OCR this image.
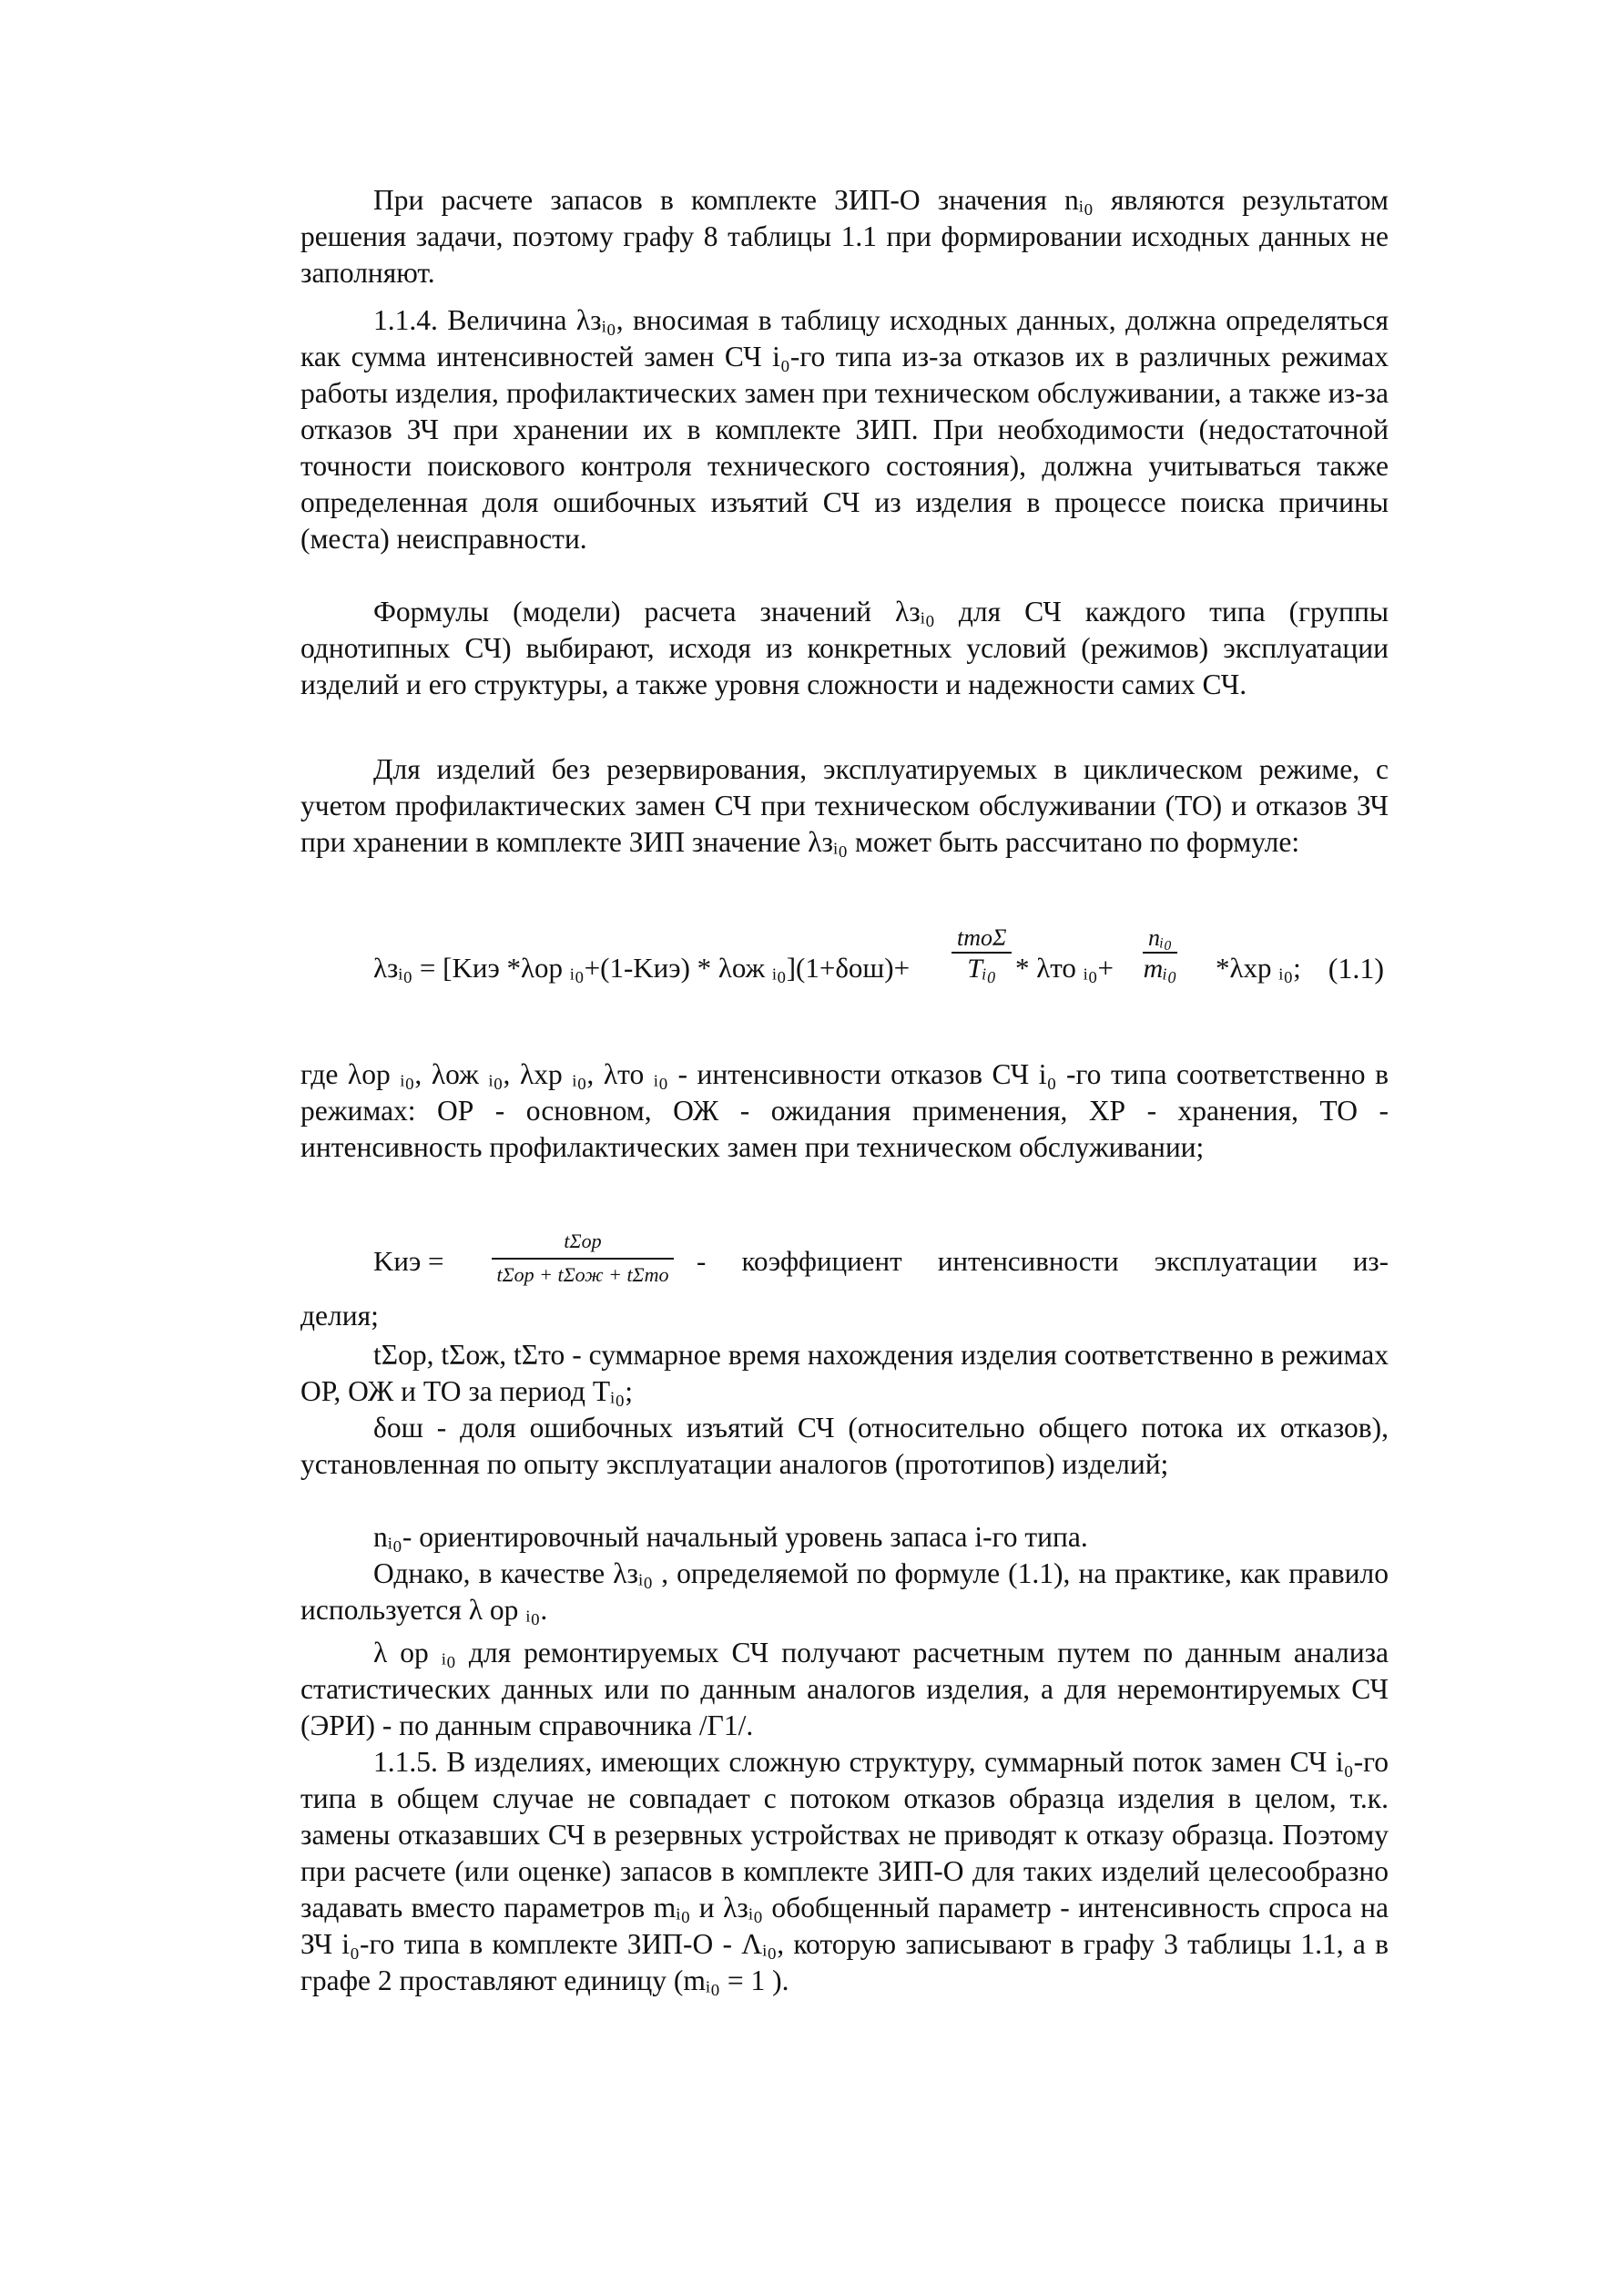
При расчете запасов в комплекте ЗИП-О значения nᵢ₀ являются результатом решения задачи, поэтому графу 8 таблицы 1.1 при формировании исходных данных не заполняют.

1.1.4. Величина λзᵢ₀, вносимая в таблицу исходных данных, должна определяться как сумма интенсивностей замен СЧ i₀-го типа из-за отказов их в различных режимах работы изделия, профилактических замен при техническом обслуживании, а также из-за отказов ЗЧ при хранении их в комплекте ЗИП. При необходимости (недостаточной точности поискового контроля технического состояния), должна учитываться также определенная доля ошибочных изъятий СЧ из изделия в процессе поиска причины (места) неисправности.

Формулы (модели) расчета значений λзᵢ₀ для СЧ каждого типа (группы однотипных СЧ) выбирают, исходя из конкретных условий (режимов) эксплуатации изделий и его структуры, а также уровня сложности и надежности самих СЧ.

Для изделий без резервирования, эксплуатируемых в циклическом режиме, с учетом профилактических замен СЧ при техническом обслуживании (ТО) и отказов ЗЧ при хранении в комплекте ЗИП значение λзᵢ₀ может быть рассчитано по формуле:

λзᵢ₀ = [Kиэ *λор ᵢ₀+(1-Kиэ) * λож ᵢ₀](1+δош)+
tтоΣ
Tᵢ₀ * λто ᵢ₀+ $\frac{\text{nᵢ₀}}{\text{mᵢ₀}} *\lambda хр$ ᵢ₀; (1.1)

где λор ᵢ₀, λож ᵢ₀, λхр ᵢ₀, λто ᵢ₀ - интенсивности отказов СЧ i₀ -го типа соответственно в режимах: ОР - основном, ОЖ - ожидания применения, ХР - хранения, ТО - интенсивность профилактических замен при техническом обслуживании;

Kиэ =
tΣор
tΣор + tΣож + tΣто - коэффициент интенсивности эксплуатации из-

делия;

tΣор, tΣож, tΣто - суммарное время нахождения изделия соответственно в режимах ОР, ОЖ и ТО за период Tᵢ₀;

δош - доля ошибочных изъятий СЧ (относительно общего потока их отказов), установленная по опыту эксплуатации аналогов (прототипов) изделий;

nᵢ₀- ориентировочный начальный уровень запаса i-го типа.

Однако, в качестве λзᵢ₀ , определяемой по формуле (1.1), на практике, как правило используется λ ор ᵢ₀.

λ ор ᵢ₀ для ремонтируемых СЧ получают расчетным путем по данным анализа статистических данных или по данным аналогов изделия, а для неремонтируемых СЧ (ЭРИ) - по данным справочника /Г1/.

1.1.5. В изделиях, имеющих сложную структуру, суммарный поток замен СЧ i₀-го типа в общем случае не совпадает с потоком отказов образца изделия в целом, т.к. замены отказавших СЧ в резервных устройствах не приводят к отказу образца. Поэтому при расчете (или оценке) запасов в комплекте ЗИП-О для таких изделий целесообразно задавать вместо параметров mᵢ₀ и λзᵢ₀ обобщенный параметр - интенсивность спроса на ЗЧ i₀-го типа в комплекте ЗИП-О - Λᵢ₀, которую записывают в графу 3 таблицы 1.1, а в графе 2 проставляют единицу (mᵢ₀ = 1 ).
